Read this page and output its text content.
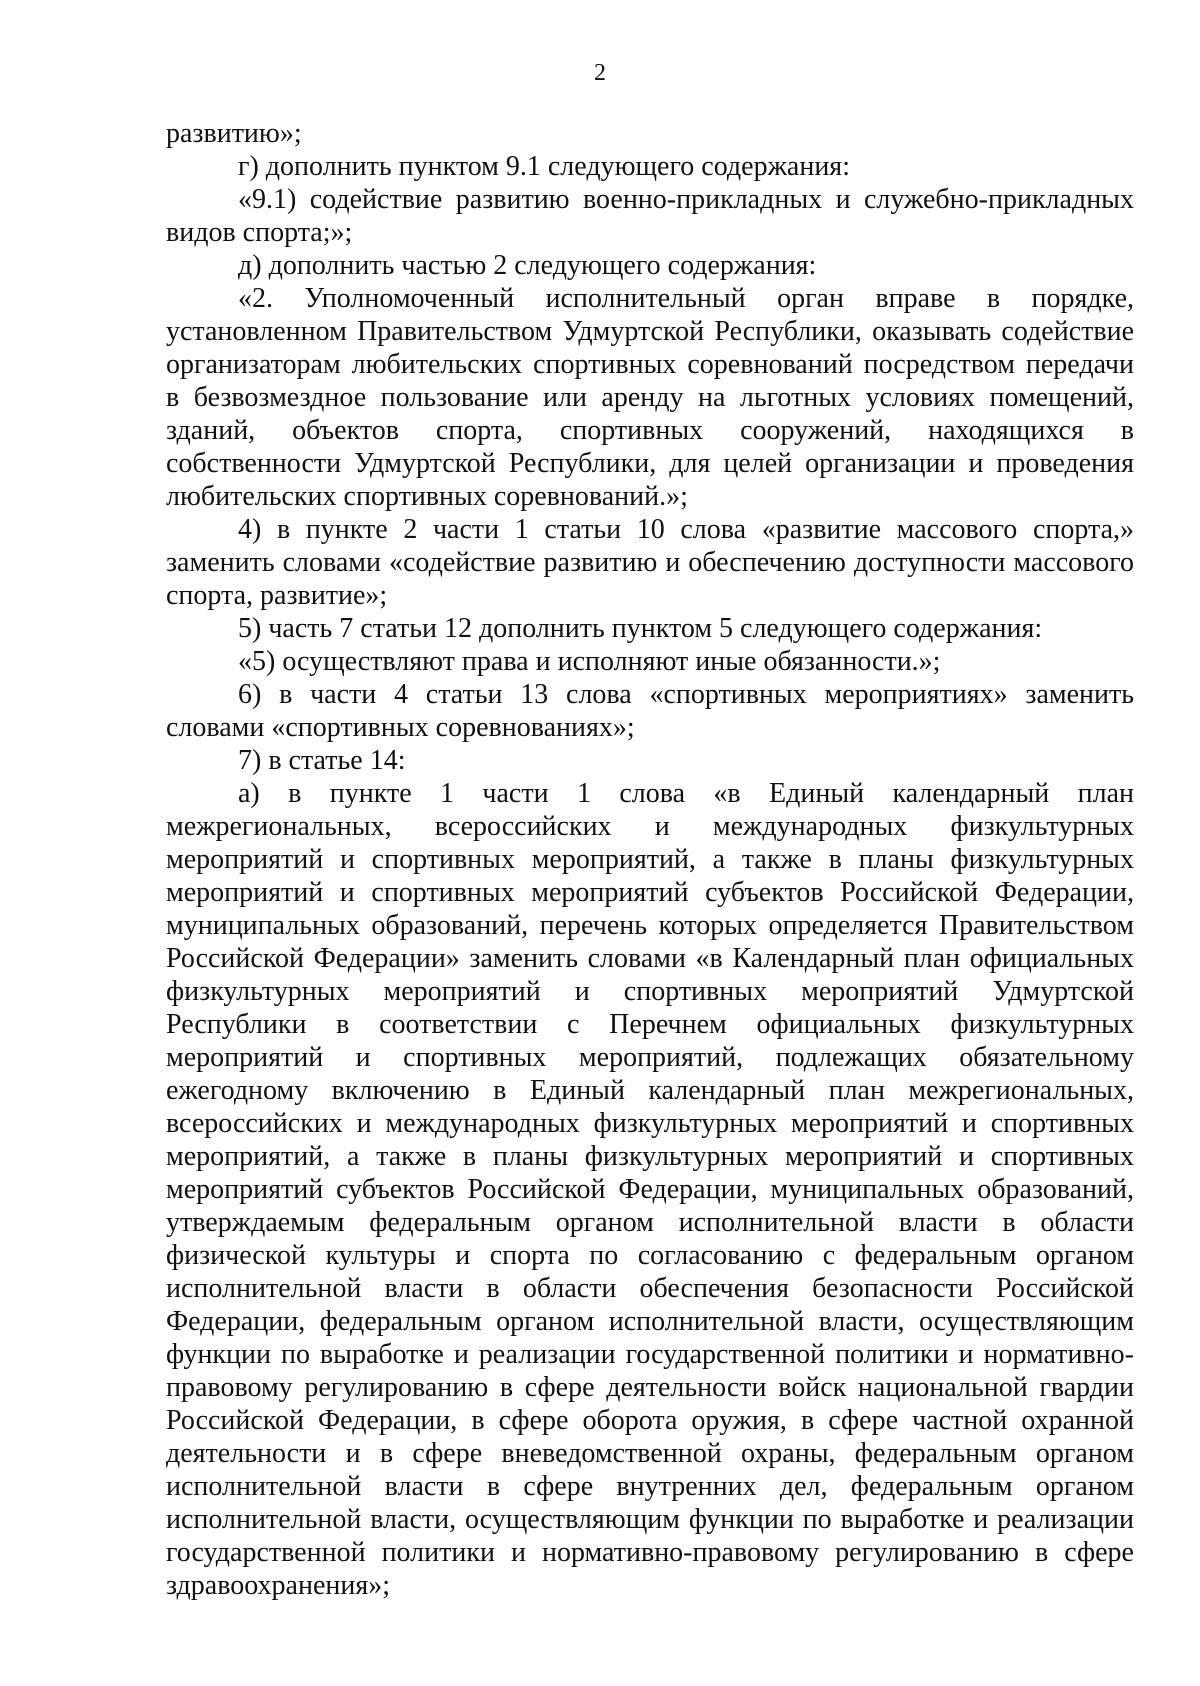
2

развитию»;

г) дополнить пунктом 9.1 следующего содержания:

«9.1) содействие развитию военно-прикладных и служебно-прикладных видов спорта;»;

д) дополнить частью 2 следующего содержания:

«2. Уполномоченный исполнительный орган вправе в порядке, установленном Правительством Удмуртской Республики, оказывать содействие организаторам любительских спортивных соревнований посредством передачи в безвозмездное пользование или аренду на льготных условиях помещений, зданий, объектов спорта, спортивных сооружений, находящихся в собственности Удмуртской Республики, для целей организации и проведения любительских спортивных соревнований.»;

4) в пункте 2 части 1 статьи 10 слова «развитие массового спорта,» заменить словами «содействие развитию и обеспечению доступности массового спорта, развитие»;

5) часть 7 статьи 12 дополнить пунктом 5 следующего содержания:

«5) осуществляют права и исполняют иные обязанности.»;

6) в части 4 статьи 13 слова «спортивных мероприятиях» заменить словами «спортивных соревнованиях»;

7) в статье 14:

а) в пункте 1 части 1 слова «в Единый календарный план межрегиональных, всероссийских и международных физкультурных мероприятий и спортивных мероприятий, а также в планы физкультурных мероприятий и спортивных мероприятий субъектов Российской Федерации, муниципальных образований, перечень которых определяется Правительством Российской Федерации» заменить словами «в Календарный план официальных физкультурных мероприятий и спортивных мероприятий Удмуртской Республики в соответствии с Перечнем официальных физкультурных мероприятий и спортивных мероприятий, подлежащих обязательному ежегодному включению в Единый календарный план межрегиональных, всероссийских и международных физкультурных мероприятий и спортивных мероприятий, а также в планы физкультурных мероприятий и спортивных мероприятий субъектов Российской Федерации, муниципальных образований, утверждаемым федеральным органом исполнительной власти в области физической культуры и спорта по согласованию с федеральным органом исполнительной власти в области обеспечения безопасности Российской Федерации, федеральным органом исполнительной власти, осуществляющим функции по выработке и реализации государственной политики и нормативно-правовому регулированию в сфере деятельности войск национальной гвардии Российской Федерации, в сфере оборота оружия, в сфере частной охранной деятельности и в сфере вневедомственной охраны, федеральным органом исполнительной власти в сфере внутренних дел, федеральным органом исполнительной власти, осуществляющим функции по выработке и реализации государственной политики и нормативно-правовому регулированию в сфере здравоохранения»;
